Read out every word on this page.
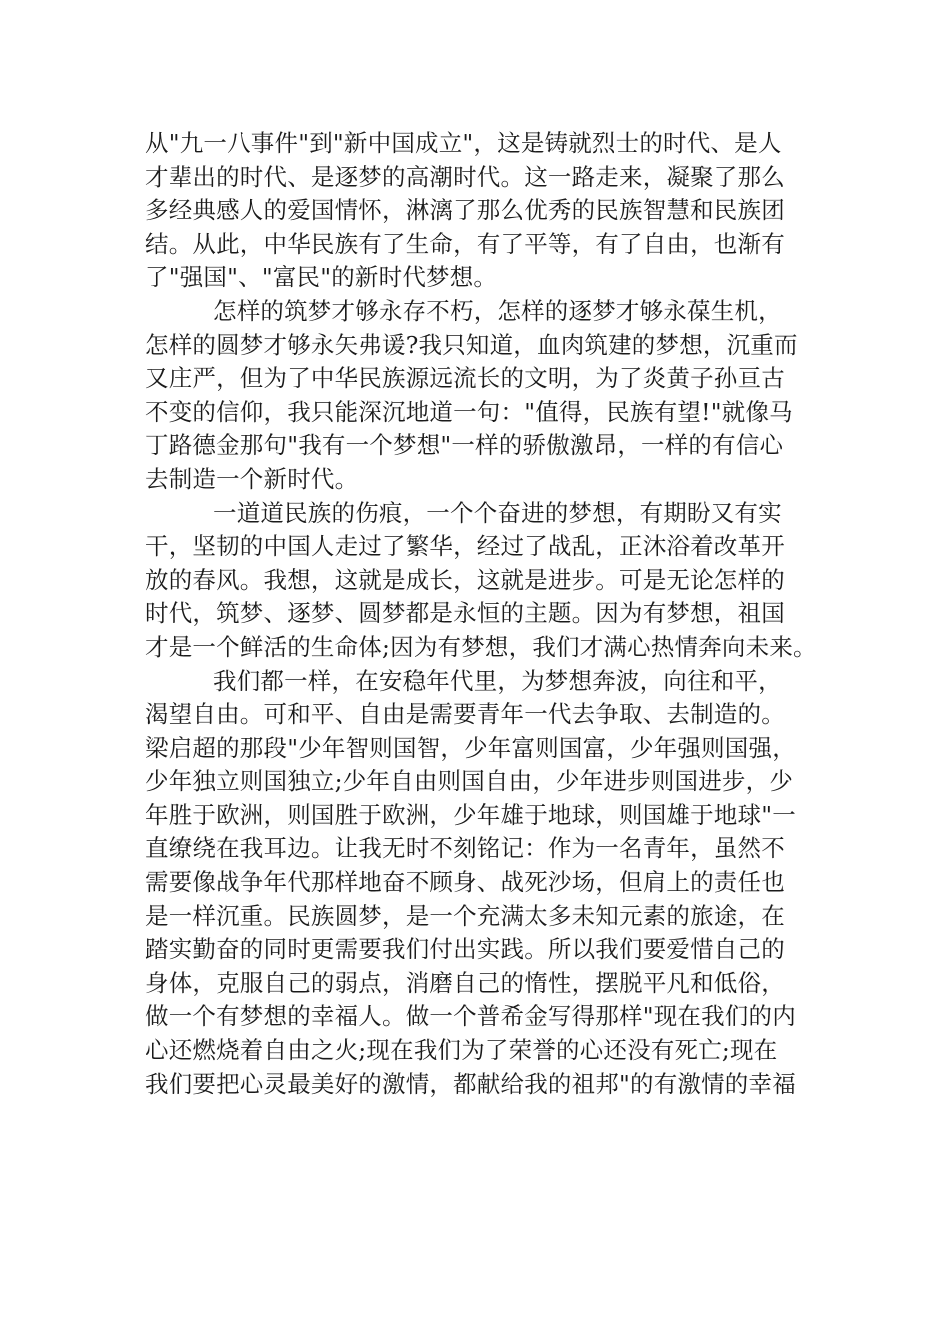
从"九一八事件"到"新中国成立"，这是铸就烈士的时代、是人
才辈出的时代、是逐梦的高潮时代。这一路走来，凝聚了那么
多经典感人的爱国情怀，淋漓了那么优秀的民族智慧和民族团
结。从此，中华民族有了生命，有了平等，有了自由，也渐有
了"强国"、"富民"的新时代梦想。
怎样的筑梦才够永存不朽，怎样的逐梦才够永葆生机，
怎样的圆梦才够永矢弗谖?我只知道，血肉筑建的梦想，沉重而
又庄严，但为了中华民族源远流长的文明，为了炎黄子孙亘古
不变的信仰，我只能深沉地道一句："值得，民族有望!"就像马
丁路德金那句"我有一个梦想"一样的骄傲激昂，一样的有信心
去制造一个新时代。
一道道民族的伤痕，一个个奋进的梦想，有期盼又有实
干，坚韧的中国人走过了繁华，经过了战乱，正沐浴着改革开
放的春风。我想，这就是成长，这就是进步。可是无论怎样的
时代，筑梦、逐梦、圆梦都是永恒的主题。因为有梦想，祖国
才是一个鲜活的生命体;因为有梦想，我们才满心热情奔向未来。
我们都一样，在安稳年代里，为梦想奔波，向往和平，
渴望自由。可和平、自由是需要青年一代去争取、去制造的。
梁启超的那段"少年智则国智，少年富则国富，少年强则国强，
少年独立则国独立;少年自由则国自由，少年进步则国进步，少
年胜于欧洲，则国胜于欧洲，少年雄于地球，则国雄于地球"一
直缭绕在我耳边。让我无时不刻铭记：作为一名青年，虽然不
需要像战争年代那样地奋不顾身、战死沙场，但肩上的责任也
是一样沉重。民族圆梦，是一个充满太多未知元素的旅途，在
踏实勤奋的同时更需要我们付出实践。所以我们要爱惜自己的
身体，克服自己的弱点，消磨自己的惰性，摆脱平凡和低俗，
做一个有梦想的幸福人。做一个普希金写得那样"现在我们的内
心还燃烧着自由之火;现在我们为了荣誉的心还没有死亡;现在
我们要把心灵最美好的激情，都献给我的祖邦"的有激情的幸福
